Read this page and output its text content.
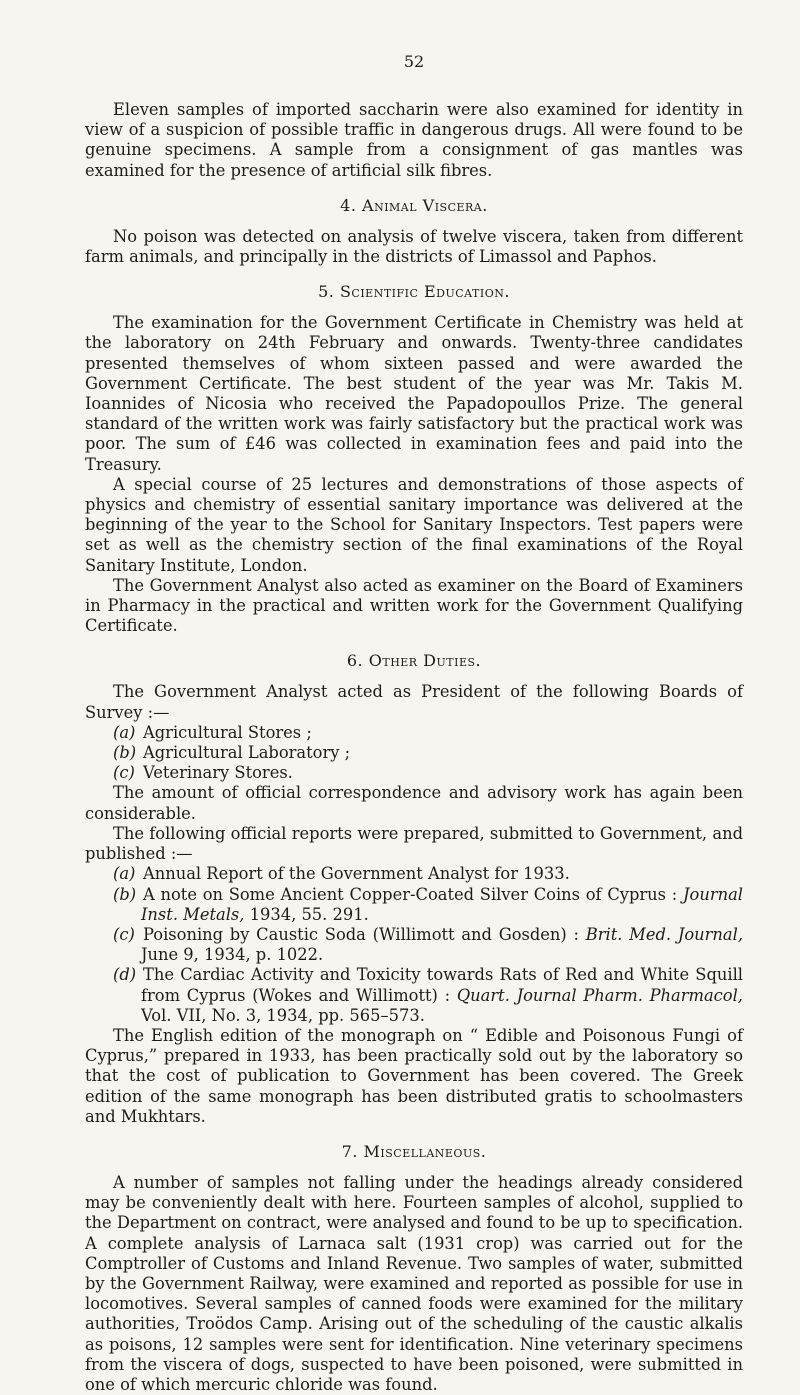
52

Eleven samples of imported saccharin were also examined for identity in view of a suspicion of possible traffic in dangerous drugs. All were found to be genuine specimens. A sample from a consignment of gas mantles was examined for the presence of artificial silk fibres.

4. Animal Viscera.

No poison was detected on analysis of twelve viscera, taken from different farm animals, and principally in the districts of Limassol and Paphos.

5. Scientific Education.

The examination for the Government Certificate in Chemistry was held at the laboratory on 24th February and onwards. Twenty-three candidates presented themselves of whom sixteen passed and were awarded the Government Certificate. The best student of the year was Mr. Takis M. Ioannides of Nicosia who received the Papadopoullos Prize. The general standard of the written work was fairly satisfactory but the practical work was poor. The sum of £46 was collected in examination fees and paid into the Treasury.

A special course of 25 lectures and demonstrations of those aspects of physics and chemistry of essential sanitary importance was delivered at the beginning of the year to the School for Sanitary Inspectors. Test papers were set as well as the chemistry section of the final examinations of the Royal Sanitary Institute, London.

The Government Analyst also acted as examiner on the Board of Examiners in Pharmacy in the practical and written work for the Government Qualifying Certificate.

6. Other Duties.

The Government Analyst acted as President of the following Boards of Survey :—

(a) Agricultural Stores ;
(b) Agricultural Laboratory ;
(c) Veterinary Stores.

The amount of official correspondence and advisory work has again been considerable.

The following official reports were prepared, submitted to Government, and published :—

(a) Annual Report of the Government Analyst for 1933.
(b) A note on Some Ancient Copper-Coated Silver Coins of Cyprus : Journal Inst. Metals, 1934, 55. 291.
(c) Poisoning by Caustic Soda (Willimott and Gosden) : Brit. Med. Journal, June 9, 1934, p. 1022.
(d) The Cardiac Activity and Toxicity towards Rats of Red and White Squill from Cyprus (Wokes and Willimott) : Quart. Journal Pharm. Pharmacol, Vol. VII, No. 3, 1934, pp. 565–573.

The English edition of the monograph on “ Edible and Poisonous Fungi of Cyprus,” prepared in 1933, has been practically sold out by the laboratory so that the cost of publication to Government has been covered. The Greek edition of the same monograph has been distributed gratis to schoolmasters and Mukhtars.

7. Miscellaneous.

A number of samples not falling under the headings already considered may be conveniently dealt with here. Fourteen samples of alcohol, supplied to the Department on contract, were analysed and found to be up to specification. A complete analysis of Larnaca salt (1931 crop) was carried out for the Comptroller of Customs and Inland Revenue. Two samples of water, submitted by the Government Railway, were examined and reported as possible for use in locomotives. Several samples of canned foods were examined for the military authorities, Troödos Camp. Arising out of the scheduling of the caustic alkalis as poisons, 12 samples were sent for identification. Nine veterinary specimens from the viscera of dogs, suspected to have been poisoned, were submitted in one of which mercuric chloride was found.
